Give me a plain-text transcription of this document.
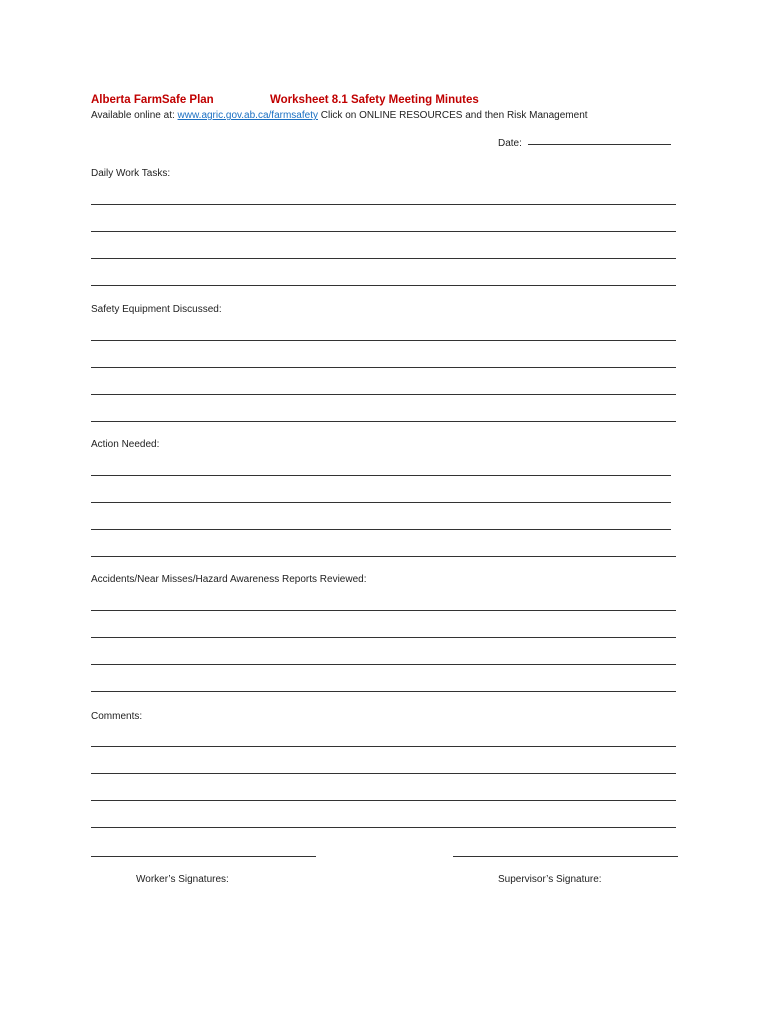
Alberta FarmSafe Plan	Worksheet 8.1 Safety Meeting Minutes
Available online at: www.agric.gov.ab.ca/farmsafety Click on ONLINE RESOURCES and then Risk Management
Date:
Daily Work Tasks:
Safety Equipment Discussed:
Action Needed:
Accidents/Near Misses/Hazard Awareness Reports Reviewed:
Comments:
Worker’s Signatures:	Supervisor’s Signature:
